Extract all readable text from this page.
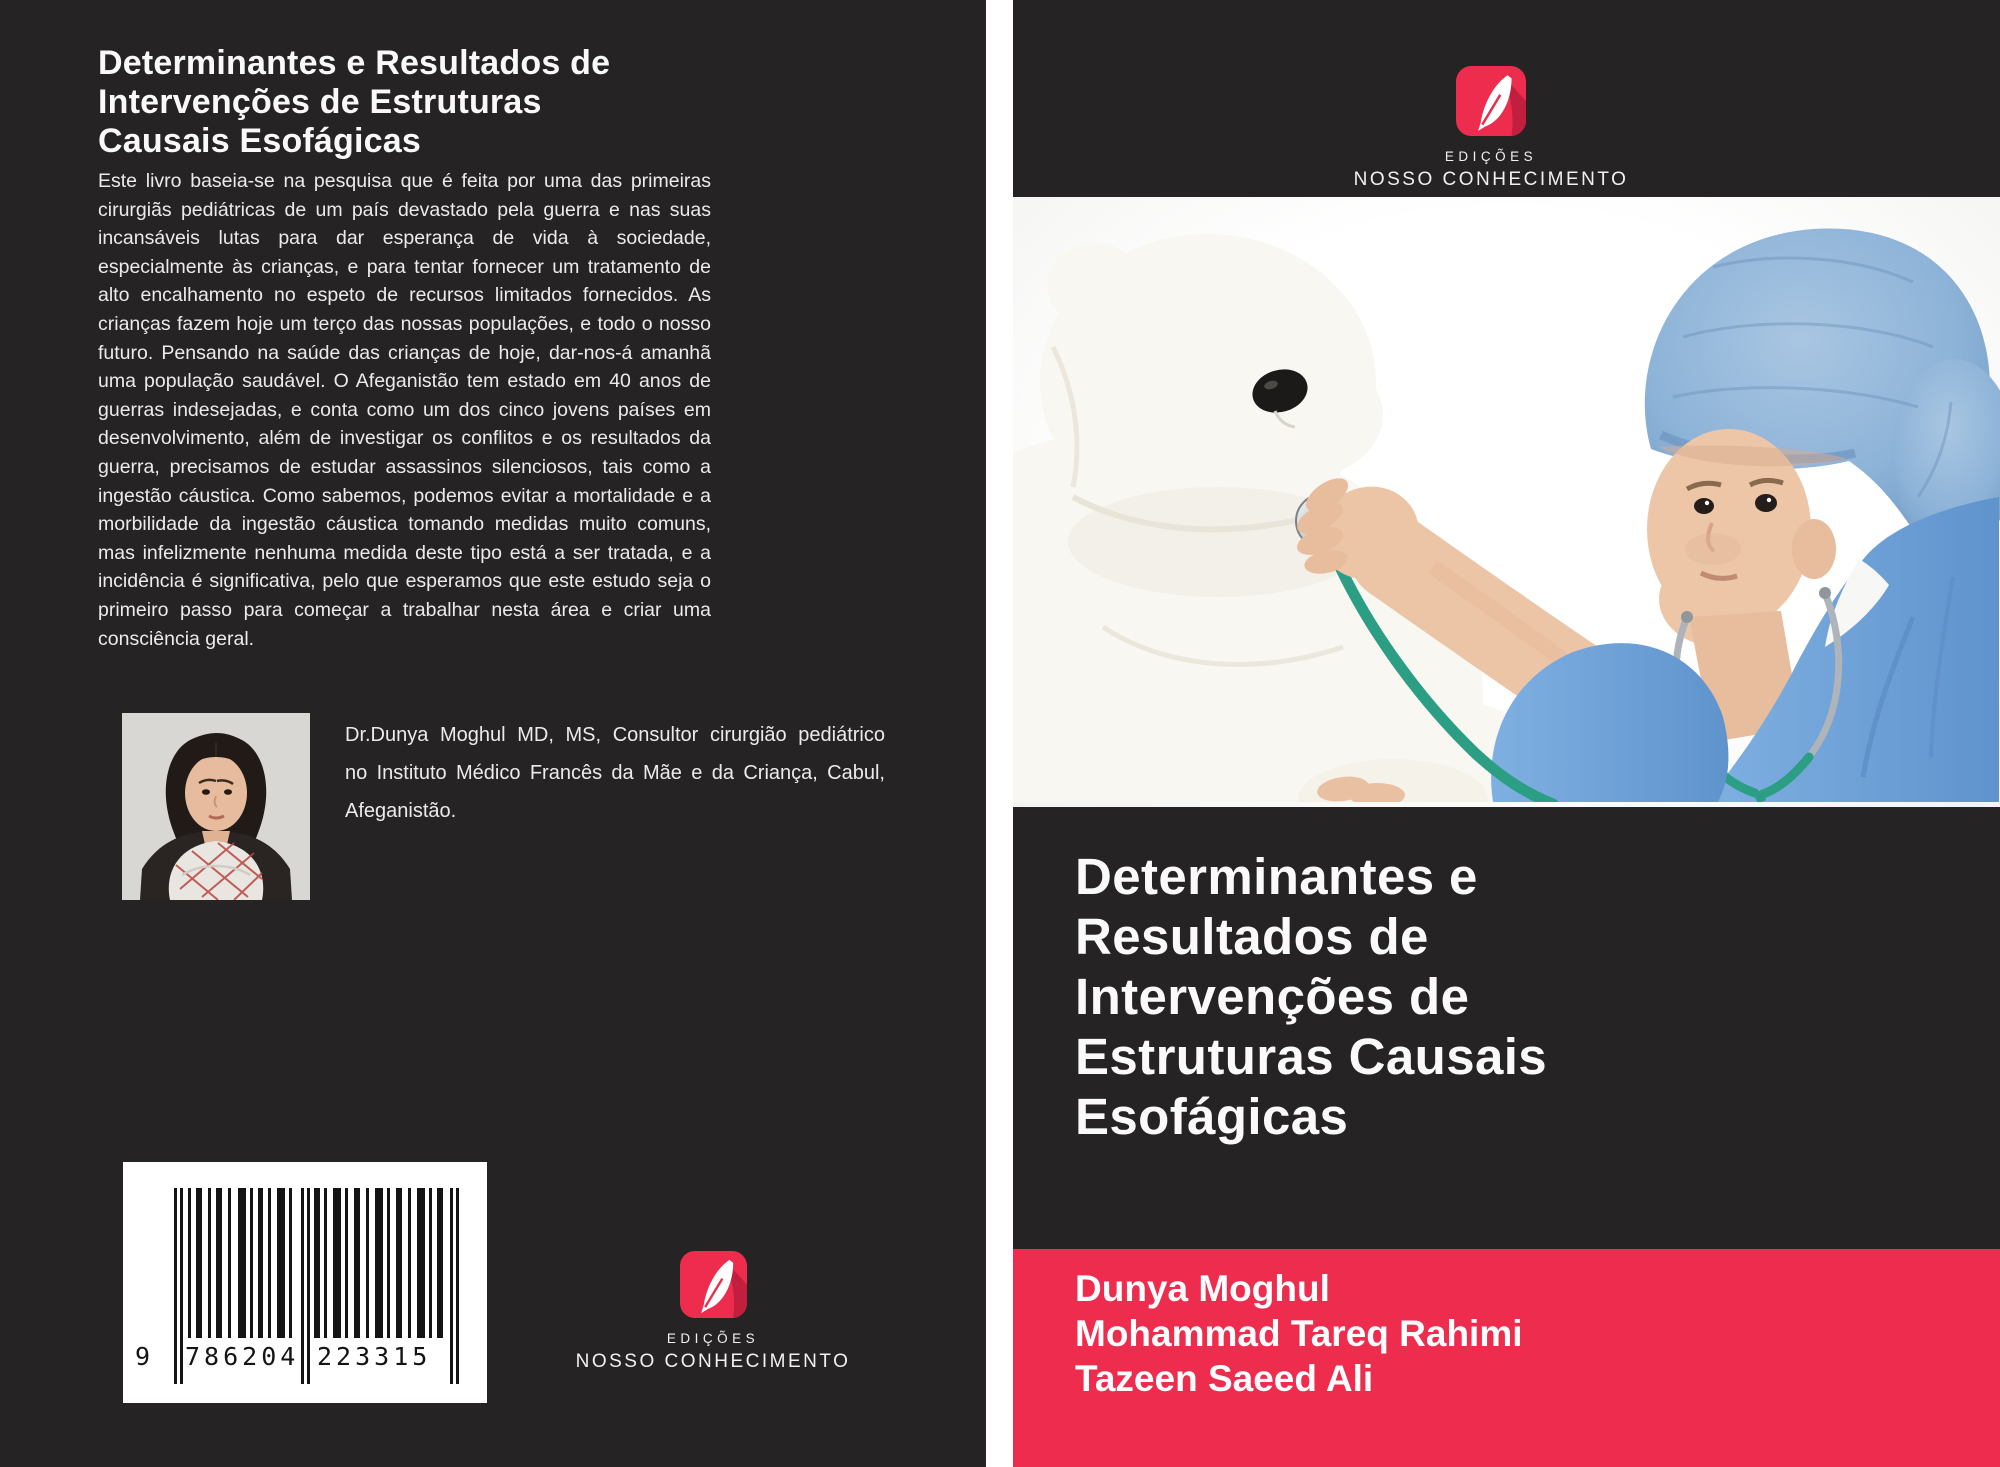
Determinantes e Resultados de
Intervenções de Estruturas
Causais Esofágicas

Este livro baseia-se na pesquisa que é feita por uma das primeiras cirurgiãs pediátricas de um país devastado pela guerra e nas suas incansáveis lutas para dar esperança de vida à sociedade, especialmente às crianças, e para tentar fornecer um tratamento de alto encalhamento no espeto de recursos limitados fornecidos. As crianças fazem hoje um terço das nossas populações, e todo o nosso futuro. Pensando na saúde das crianças de hoje, dar-nos-á amanhã uma população saudável. O Afeganistão tem estado em 40 anos de guerras indesejadas, e conta como um dos cinco jovens países em desenvolvimento, além de investigar os conflitos e os resultados da guerra, precisamos de estudar assassinos silenciosos, tais como a ingestão cáustica. Como sabemos, podemos evitar a mortalidade e a morbilidade da ingestão cáustica tomando medidas muito comuns, mas infelizmente nenhuma medida deste tipo está a ser tratada, e a incidência é significativa, pelo que esperamos que este estudo seja o primeiro passo para começar a trabalhar nesta área e criar uma consciência geral.

Dr.Dunya Moghul MD, MS, Consultor cirurgião pediátrico
no Instituto Médico Francês da Mãe e da Criança, Cabul,
Afeganistão.
9 786204 223315
EDIÇÕES
NOSSO CONHECIMENTO
EDIÇÕES
NOSSO CONHECIMENTO
Determinantes e
Resultados de
Intervenções de
Estruturas Causais
Esofágicas
Dunya Moghul
Mohammad Tareq Rahimi
Tazeen Saeed Ali
